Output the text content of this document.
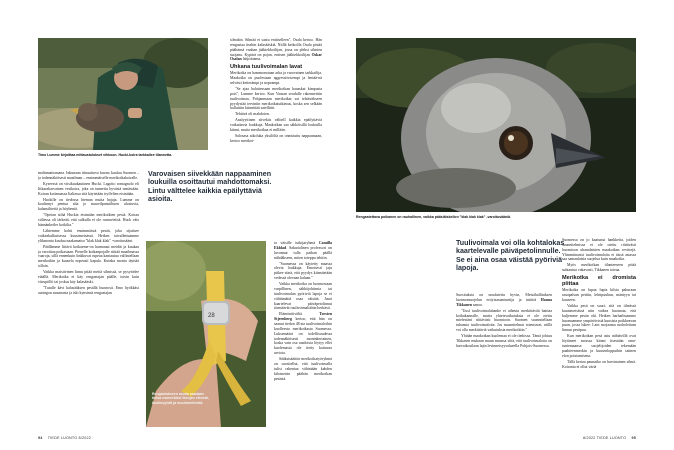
Timo Lumme kirjoittaa mittaustulokset vihkoon. Hucki-koira tarkkailee tilannetta.
Rengastettava poikanen on rauhallinen, vaikka pääsiäiskellon "klak klak klak" -varoitusääniä.
28
Rengastukseen asuila saadaan tietoa esimerkiksi lintujen elinistä, kuolinsyistä ja muuttoreiteistä.
Varovaisen siivekkään nappaaminen loukuilla osoittautui mahdottomaksi. Lintu välttelee kaikkia epäilyttäviä asioita.
Tuulivoimala voi olla kohtalokas kaartelevalle päiväpetolinnulle. Se ei aina osaa väistää pyöriviä lapoja.

maltamattomana. Inkunaan tiinuuttuva kuono kuuluu Suomen – ja todennäköisesti maailman – ensimmäiselle merikotkakoiralle.

Kyseessä on viisikuukautinen Hucki. Lagotto romagnolo eli Iitkarakarvainen vesikoira, joka on tunnettu hyvästä nenästään. Koiran kotimaassa Italiassa sitä käytetään tryffelien etsintään.

Huckille on tiedossa hieman muita hajuja. Lumme on koulinnyt pentua alta jo muuvilpansiiltuen ulostuvia, kalansiltteitä ja höyheniä.

"Opetan siihä Huckia etsimään merikotkien pesiä. Kotraa väliessa oli tärkeää, että sulkulla ei ole runtaviettiä. Huck väis hännänkeiler kotkilta."

Lähtemme kohti ensimmäistä pesää, joka sijaitsee vaikeakulkuisessa kuusimetsässä. Hetken taivallettuamme ylikmonta kuuluu naakamaisa "klak klak klak" -varoitusääni.

Päällämme liitävä kotkaeme-on harmaaut meidät ja kuukaa ja varoittaa poikastaan. Pienelle kotkanpojalle riittää maailmassa vaaroja, sillä ennenkuin linkkuvat rupeaa kantautua vallintellaan merikotkin ja kuusela nopeasti kapula. Kuinka monta täyttää silloin.

Vaikka maisiivinen linnu pitää meitä silmissä, se pysyttelee etäällä. Merikotka ei käy rengastajan päälle, toisin kuin viirupöllö tai joskus käy kalasääski.

"Tutulle kävi kalasääksen pesällä huonosti. Emo hyökkäsi auringon suunnasta ja iski kynsinsä rengastajan

silmiäin. Silmää ei saatu enttiselleen", Osala kertoo. Hän rengastaa itsekin kalasääskiä. Niillä keikoilla Osala pistää päähänsä vanhan jääkiekkoilijan, jossa on pleksi silmien suojana. Kypärä on pojan, entisen jääkiekkoilijan Oskar Osalan lahjoittama.

Uhkana tuulivoimalan lavat

Merikotka on hammonotaan arka ja varovainen tarkkailija. Maakotka on puolestaan aggressiivisempi ja lentää-nä selvästi ketterämpi ja nopeampi.

"Se ajaa haluttessaan merikotkan haaaskat kimpusta pois", Lumme kertoo. Kun Vaasan seudulle rakennettiin tuulivoimaa, Pohjanmaan merikotkat sai tehtäväkseen pyydystää terviniin merikotkatutkimus, koska sen selkään halluttiin kiinnittää satelliitti.

Tehtävä oli mahdoton.

Analyyttinen siivekäs välttelI kaikkia epäilyttäviä vaikuttavia loukkuja. Maakotkan saa sähköisillä loukuilla kiinni, mutta merikotkaa ei millään.

Salosasa aikoluka yksilöltä on onnistuttu nappaamaan, kertoo merikoi-

ta vätsille tutkijaryhmä Camilla Ekblad. Sakarialinen professori on luvannut tulla paikan päällä nähdäkseen, miten toteppu tehtiin.

"Suomessa on käytetty maassa olevia loukkuja. Emoisesti jaju pitkee siinä, että pyydys kiinnitetään vedessä olevaan kalaan."

Vaikka merikotka on luonnostaan varpillinen, sähköjohtimia tai tuulivoimalan pyöriviä lapoja se ei välttämättä osaa väistää. Juuri kaartelevat päiväpetolinnut törmäävät tuulivoimaloihin herkästi.

Elämöntiivältä Torsten Stjernberg kertoo, että hän on saanut tiedon 48:sta tuulivoimaloihin kuolleesta merikotkasta Suomessa. Luksemäärä on todellisuudessa todennäköisesti moninkertainen, koska vain osa raadoista löytyy ellei kuolemasta ole tietty kattavaa arviota.

Sääksisäätiön merikotkatyöryhmä on suositellut, että tuulivoimalla tulisi rakentaa vähintään kahden kilometrin päähän merikotkan pesästä.

Suosituksta on noudatettu hyvin, Metsähallituksen luonnonsuojelun erityisasiantuntija ja intitiiä Hanna Tikkanen sanoo.

"Uusi tuulivoimalahanke ei aiheuta merkittävää haittaa kotkakannalle, mutta yhteisvaikutuksia ei ole otettu mielestäni riittävästi huomioon. Suomen suunnitellaan tuhansia tuulivoimaloita. Jos suunnitelmat toteutuvat, niillä voi olla merkittäviä vaikutuksia merikotkiin."

Yhtään maakotkan kuolemaa ei ole tiedossa. Tämä johtuu Tikkasen mukaan muun muassa siitä, että tuulivoimaloita on harvaikosilaan lajin levinneisyysalueella Pohjois-Suomessa.

Suomessa on jo kaatunut hankkeita, joiden suunnitelmissa ei ole otettu riittävästi huomioon uhanalaisten maakotkan reviirejä. Ylimmiinasisi tuulivoimaloita ei tässä asiassa saa samanlaista suojelua kuin maakotka.

Myös merikotkan tilanteeseen pitää suhtautua vakavasti, Tikkanen toteaa.

Merikotka ei dromista piittaa

Merikotka on lupaa lupia kilsia pahuraan rauapalsun pettiin, lehtipuuhun, mäntyyn tai kuuseen.

Vaikka pesä on suuri, sitä on tiheässä kuusimetsässä niin vaikea huomata, että kuljemme pesän ohi. Hetken harhailtuamme huomaamme ympäröivistä kuusista poikkeavan puun, jossa lukee: Lain suojaama ruoholettum linnun pesäpuu.

Kun merikotkan pesä asiu nähtävillä ovat löytäneet mosssa kiinni itsestään oma-tuntemaansa suojelijoiden tekemään paahteenmerkin ja kuusenloppuihin taimen elon poistamisena.

Tällä kertaa paunaiko on harvinainen silmä. Koiranta ei ollut väriä

94 TIEDE LUONTO 8/2022	8/2022 TIEDE LUONTO 95
